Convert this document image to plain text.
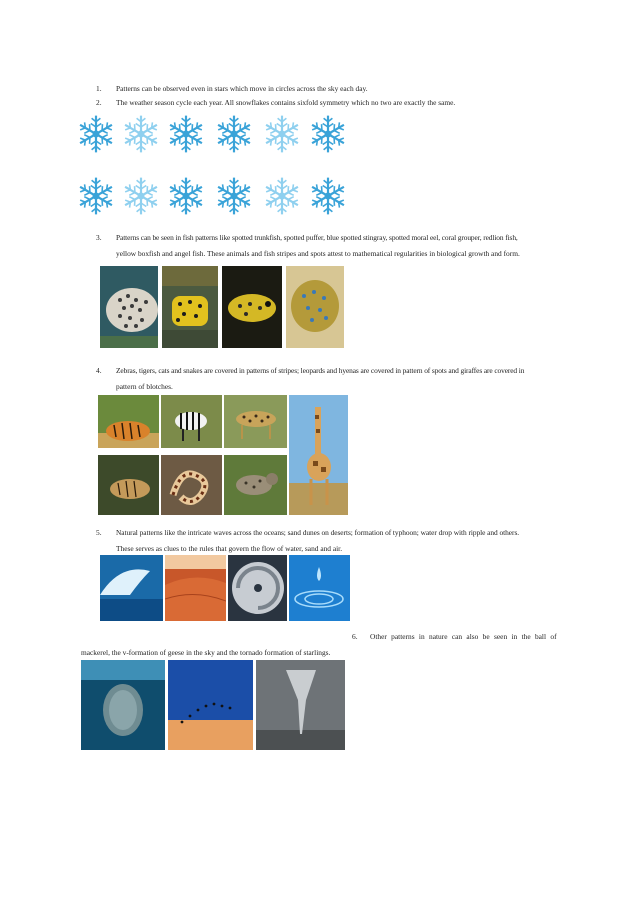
1. Patterns can be observed even in stars which move in circles across the sky each day.
2. The weather season cycle each year. All snowflakes contains sixfold symmetry which no two are exactly the same.
3. Patterns can be seen in fish patterns like spotted trunkfish, spotted puffer, blue spotted stingray, spotted moral eel, coral grouper, redlion fish,
yellow boxfish and angel fish. These animals and fish stripes and spots attest to mathematical regularities in biological growth and form.
4. Zebras, tigers, cats and snakes are covered in patterns of stripes; leopards and hyenas are covered in pattern of spots and giraffes are covered in
pattern of blotches.
5. Natural patterns like the intricate waves across the oceans; sand dunes on deserts; formation of typhoon; water drop with ripple and others.
These serves as clues to the rules that govern the flow of water, sand and air.
6. Other patterns in nature can also be seen in the ball of
mackerel, the v-formation of geese in the sky and the tornado formation of starlings.
